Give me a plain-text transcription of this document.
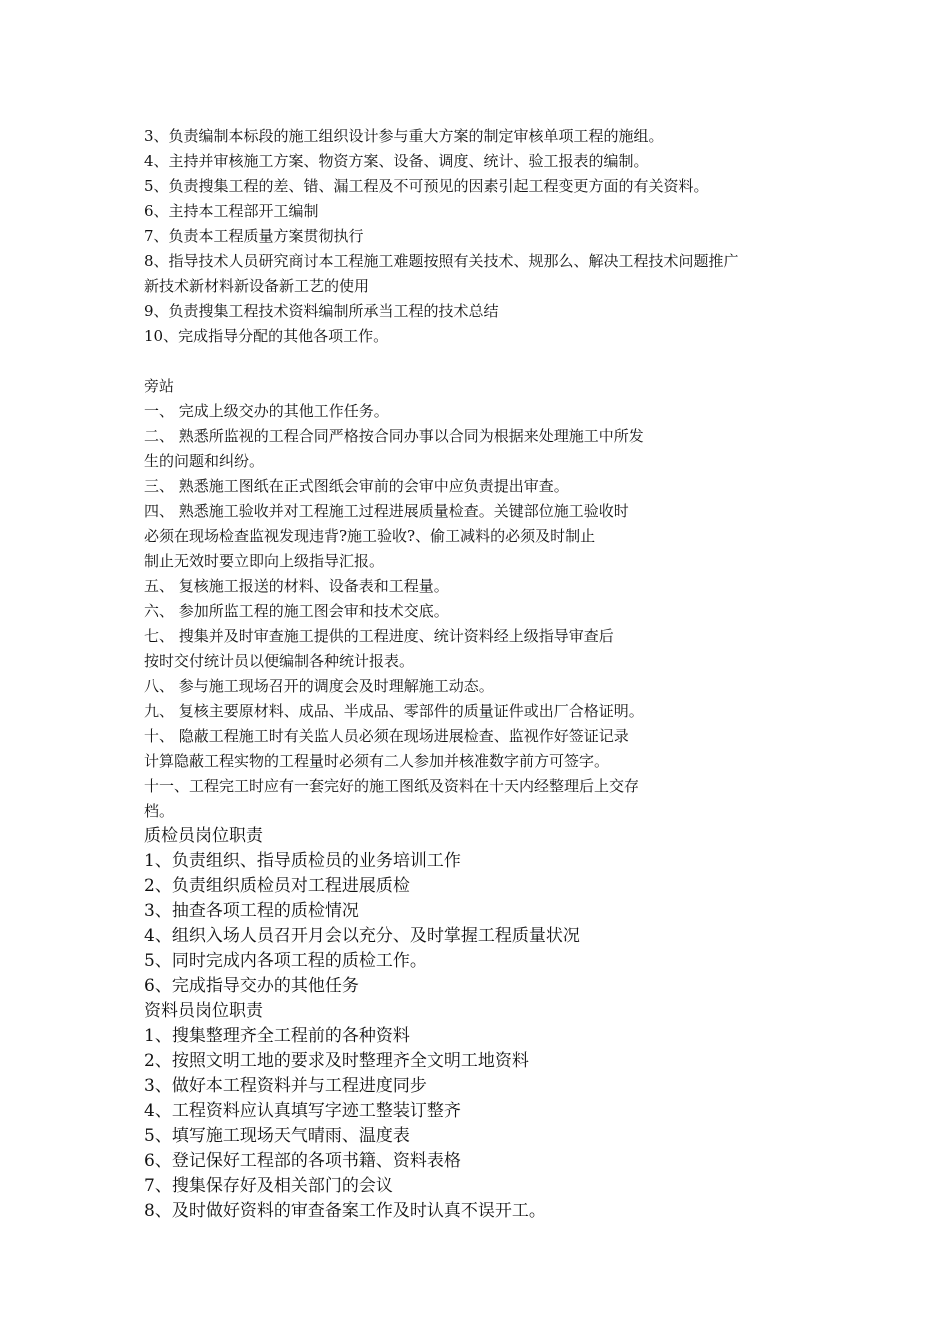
3、负责编制本标段的施工组织设计参与重大方案的制定审核单项工程的施组。
4、主持并审核施工方案、物资方案、设备、调度、统计、验工报表的编制。
5、负责搜集工程的差、错、漏工程及不可预见的因素引起工程变更方面的有关资料。
6、主持本工程部开工编制
7、负责本工程质量方案贯彻执行
8、指导技术人员研究商讨本工程施工难题按照有关技术、规那么、解决工程技术问题推广
新技术新材料新设备新工艺的使用
9、负责搜集工程技术资料编制所承当工程的技术总结
10、完成指导分配的其他各项工作。
旁站
一、 完成上级交办的其他工作任务。
二、 熟悉所监视的工程合同严格按合同办事以合同为根据来处理施工中所发
生的问题和纠纷。
三、 熟悉施工图纸在正式图纸会审前的会审中应负责提出审查。
四、 熟悉施工验收并对工程施工过程进展质量检查。关键部位施工验收时
必须在现场检查监视发现违背?施工验收?、偷工减料的必须及时制止
制止无效时要立即向上级指导汇报。
五、 复核施工报送的材料、设备表和工程量。
六、 参加所监工程的施工图会审和技术交底。
七、 搜集并及时审查施工提供的工程进度、统计资料经上级指导审查后
按时交付统计员以便编制各种统计报表。
八、 参与施工现场召开的调度会及时理解施工动态。
九、 复核主要原材料、成品、半成品、零部件的质量证件或出厂合格证明。
十、 隐蔽工程施工时有关监人员必须在现场进展检查、监视作好签证记录
计算隐蔽工程实物的工程量时必须有二人参加并核准数字前方可签字。
十一、工程完工时应有一套完好的施工图纸及资料在十天内经整理后上交存
档。
质检员岗位职责
1、负责组织、指导质检员的业务培训工作
2、负责组织质检员对工程进展质检
3、抽查各项工程的质检情况
4、组织入场人员召开月会以充分、及时掌握工程质量状况
5、同时完成内各项工程的质检工作。
6、完成指导交办的其他任务
资料员岗位职责
1、搜集整理齐全工程前的各种资料
2、按照文明工地的要求及时整理齐全文明工地资料
3、做好本工程资料并与工程进度同步
4、工程资料应认真填写字迹工整装订整齐
5、填写施工现场天气晴雨、温度表
6、登记保好工程部的各项书籍、资料表格
7、搜集保存好及相关部门的会议
8、及时做好资料的审查备案工作及时认真不误开工。
